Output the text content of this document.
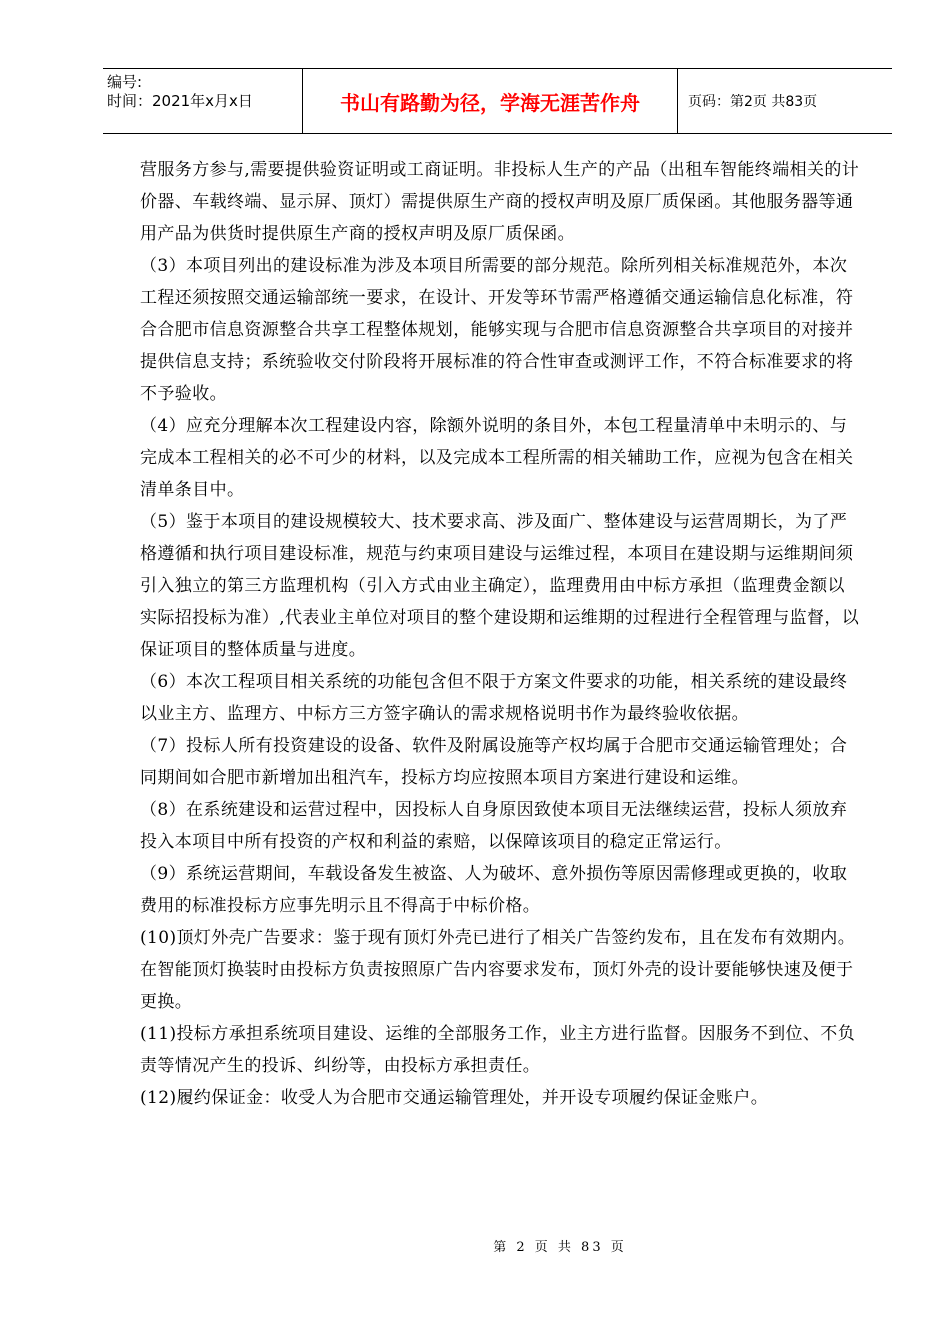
编号:
时间：2021年x月x日	书山有路勤为径，学海无涯苦作舟	页码：第2页 共83页

营服务方参与,需要提供验资证明或工商证明。非投标人生产的产品（出租车智能终端相关的计价器、车载终端、显示屏、顶灯）需提供原生产商的授权声明及原厂质保函。其他服务器等通用产品为供货时提供原生产商的授权声明及原厂质保函。

（3）本项目列出的建设标准为涉及本项目所需要的部分规范。除所列相关标准规范外，本次工程还须按照交通运输部统一要求，在设计、开发等环节需严格遵循交通运输信息化标准，符合合肥市信息资源整合共享工程整体规划，能够实现与合肥市信息资源整合共享项目的对接并提供信息支持；系统验收交付阶段将开展标准的符合性审查或测评工作，不符合标准要求的将不予验收。

（4）应充分理解本次工程建设内容，除额外说明的条目外，本包工程量清单中未明示的、与完成本工程相关的必不可少的材料，以及完成本工程所需的相关辅助工作，应视为包含在相关清单条目中。

（5）鉴于本项目的建设规模较大、技术要求高、涉及面广、整体建设与运营周期长，为了严格遵循和执行项目建设标准，规范与约束项目建设与运维过程，本项目在建设期与运维期间须引入独立的第三方监理机构（引入方式由业主确定），监理费用由中标方承担（监理费金额以实际招投标为准）,代表业主单位对项目的整个建设期和运维期的过程进行全程管理与监督，以保证项目的整体质量与进度。

（6）本次工程项目相关系统的功能包含但不限于方案文件要求的功能，相关系统的建设最终以业主方、监理方、中标方三方签字确认的需求规格说明书作为最终验收依据。

（7）投标人所有投资建设的设备、软件及附属设施等产权均属于合肥市交通运输管理处；合同期间如合肥市新增加出租汽车，投标方均应按照本项目方案进行建设和运维。

（8）在系统建设和运营过程中，因投标人自身原因致使本项目无法继续运营，投标人须放弃投入本项目中所有投资的产权和利益的索赔，以保障该项目的稳定正常运行。

（9）系统运营期间，车载设备发生被盗、人为破坏、意外损伤等原因需修理或更换的，收取费用的标准投标方应事先明示且不得高于中标价格。

(10)顶灯外壳广告要求：鉴于现有顶灯外壳已进行了相关广告签约发布，且在发布有效期内。在智能顶灯换装时由投标方负责按照原广告内容要求发布，顶灯外壳的设计要能够快速及便于更换。

(11)投标方承担系统项目建设、运维的全部服务工作，业主方进行监督。因服务不到位、不负责等情况产生的投诉、纠纷等，由投标方承担责任。

(12)履约保证金：收受人为合肥市交通运输管理处，并开设专项履约保证金账户。

第 2 页 共 83 页
